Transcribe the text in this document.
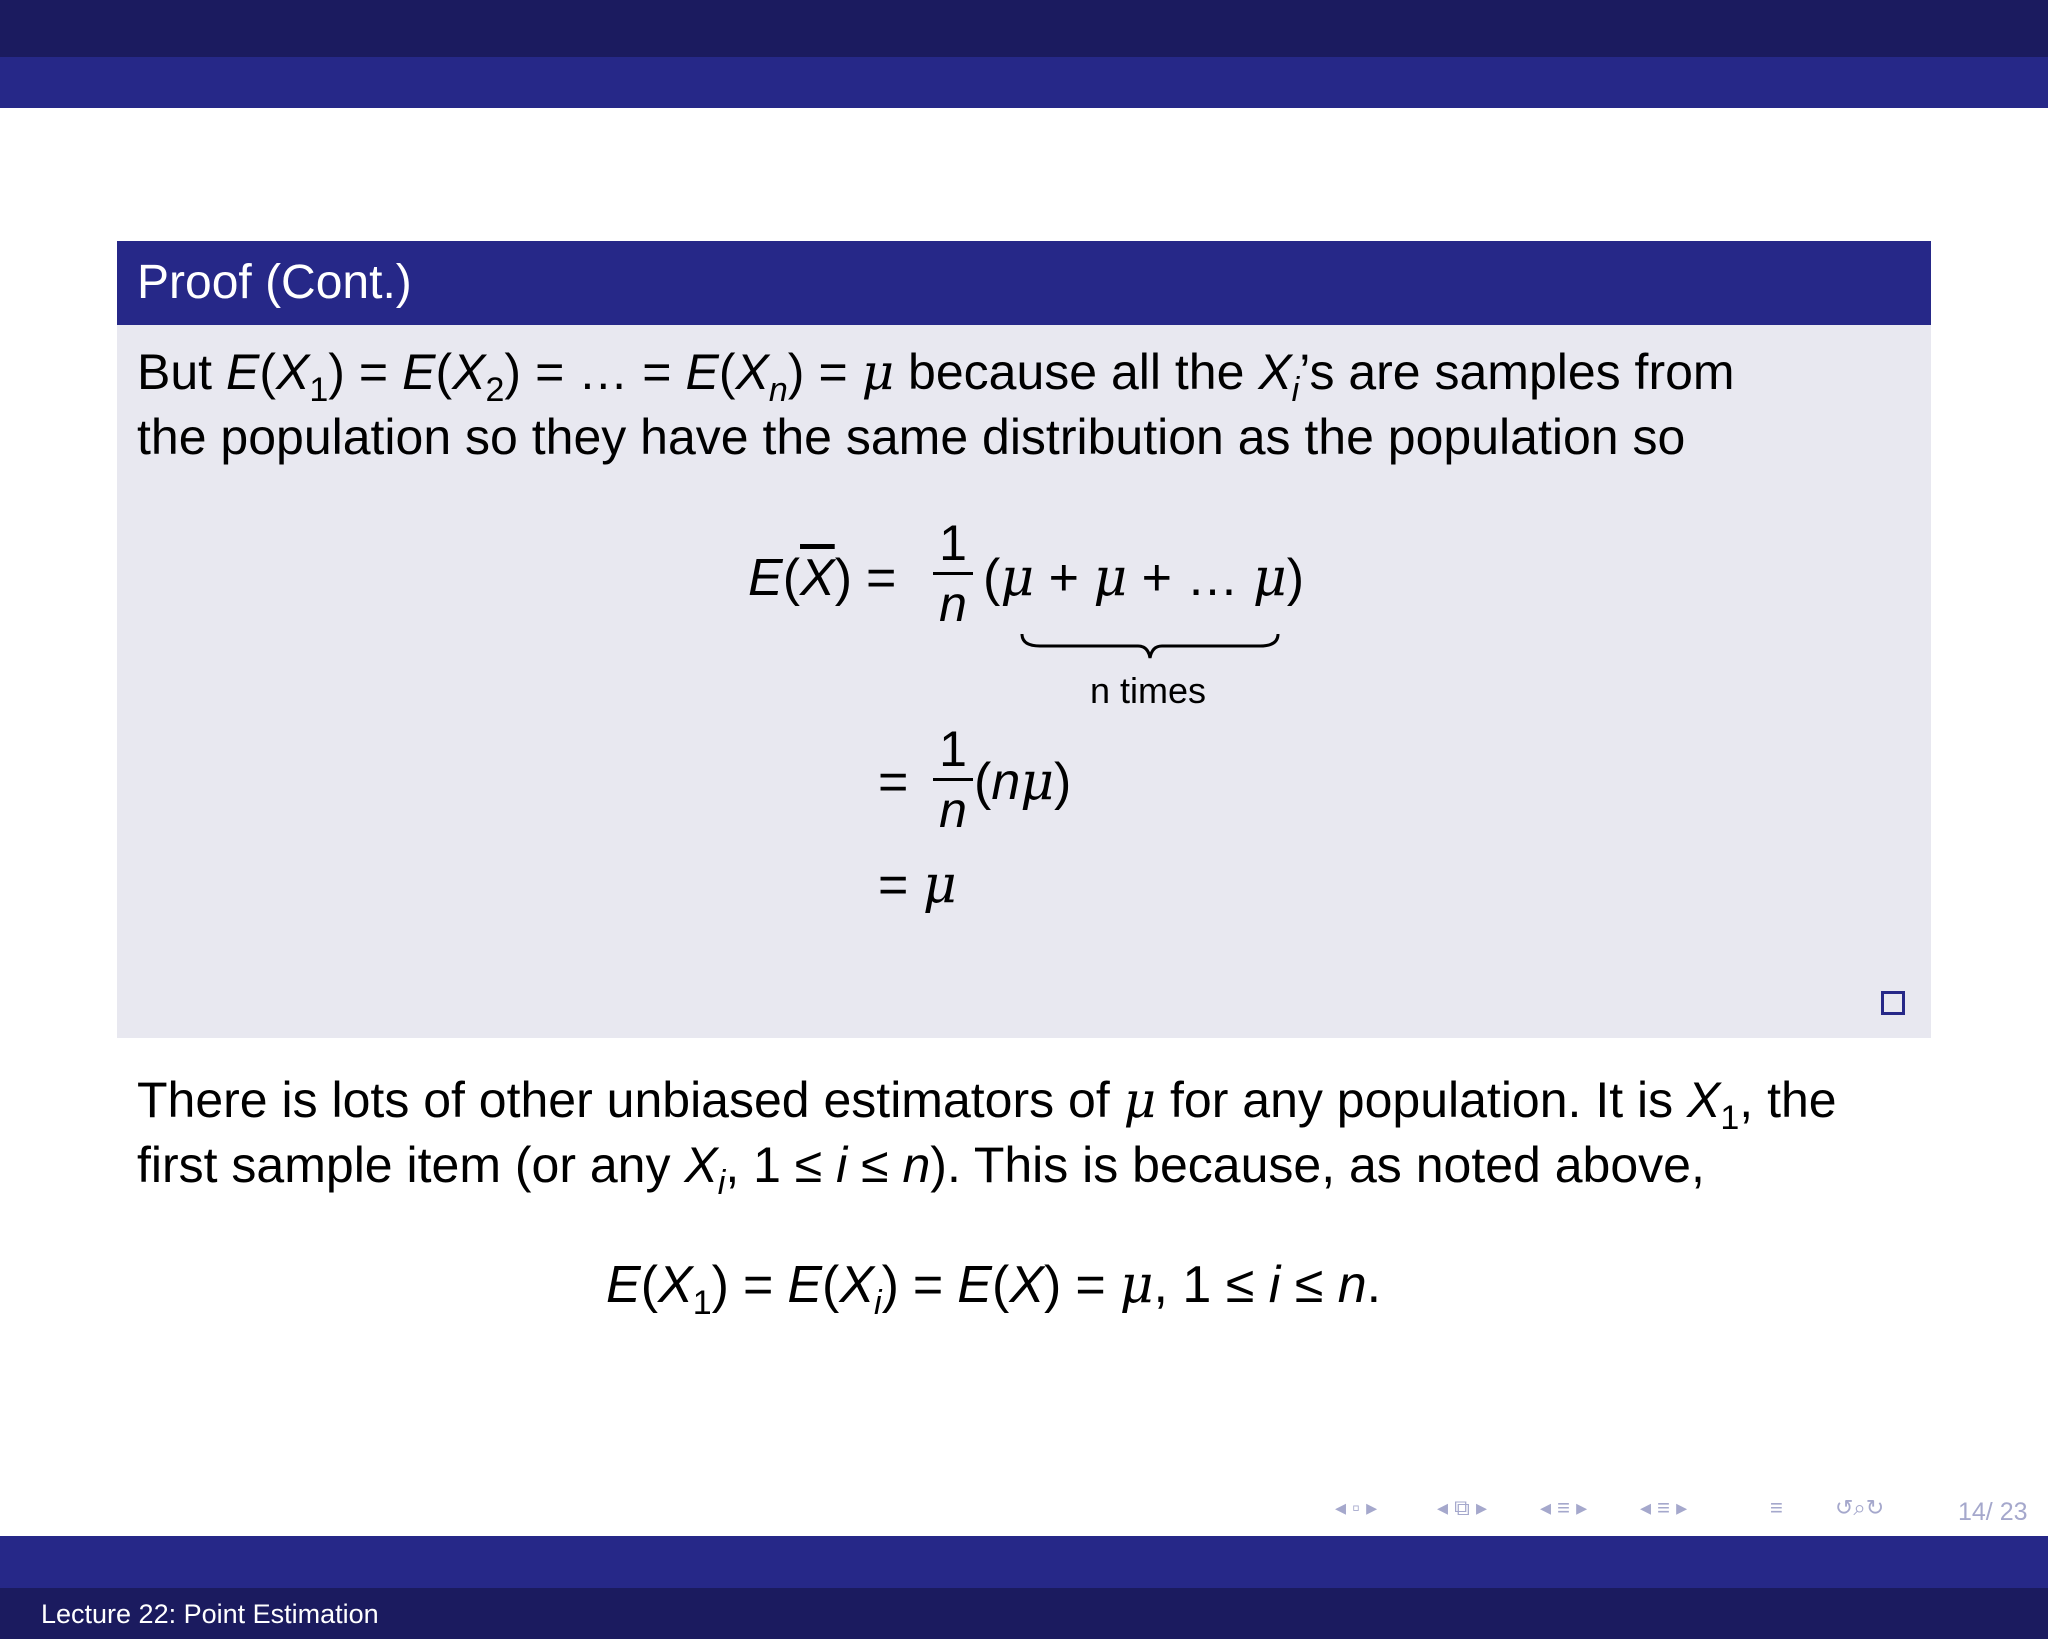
Proof (Cont.)
But $E(X_1) = E(X_2)$ = … = $E(X_n) = \mu$ because all the $X_i’s$ are samples from
the population so they have the same distribution as the population so
$E(\overline{X})$ =
1
n (μ + μ + … μ)
n times
=
1
n (nμ)
= μ
There is lots of other unbiased estimators of μ for any population. It is $X_1$, the
first sample item (or any $X_i$, 1 ≤ i ≤ n). This is because, as noted above,
$E(X_1) = E(X_i) = E(X) = \mu$, 1 ≤ i ≤ n.
◂ ▫ ▸	◂ ⧉ ▸ ◂ ≡ ▸ ◂ ≡ ▸	≡ ↺⌕↻	14/ 23
Lecture 22: Point Estimation
